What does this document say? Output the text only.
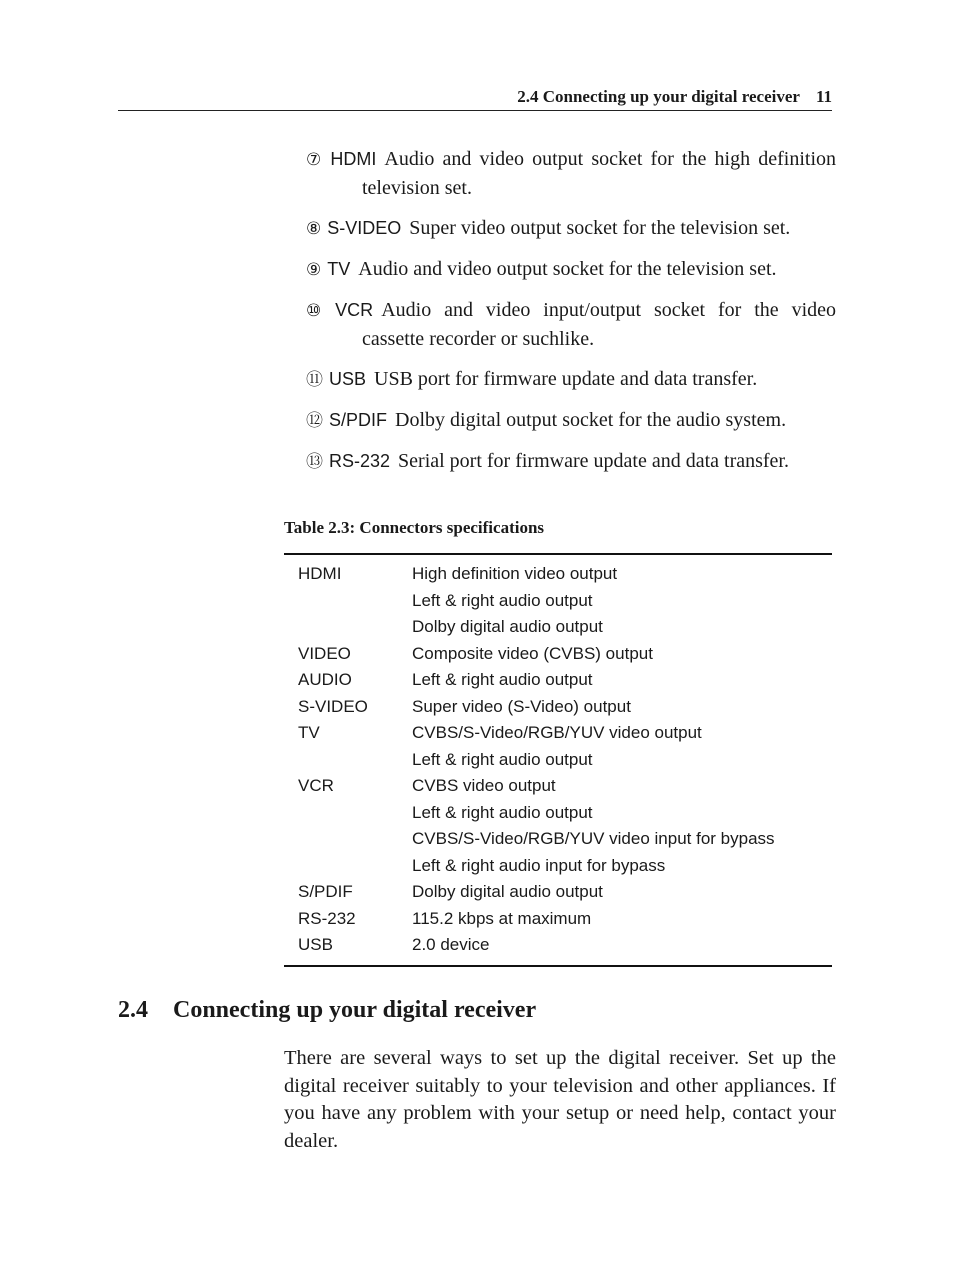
2.4 Connecting up your digital receiver 11
⑦ HDMI Audio and video output socket for the high definition television set.
⑧ S-VIDEO Super video output socket for the television set.
⑨ TV Audio and video output socket for the television set.
⑩ VCR Audio and video input/output socket for the video cassette recorder or suchlike.
⑪ USB USB port for firmware update and data transfer.
⑫ S/PDIF Dolby digital output socket for the audio system.
⑬ RS-232 Serial port for firmware update and data transfer.
Table 2.3: Connectors specifications
HDMI	High definition video output
Left & right audio output
Dolby digital audio output
VIDEO	Composite video (CVBS) output
AUDIO	Left & right audio output
S-VIDEO	Super video (S-Video) output
TV	CVBS/S-Video/RGB/YUV video output
Left & right audio output
VCR	CVBS video output
Left & right audio output
CVBS/S-Video/RGB/YUV video input for bypass
Left & right audio input for bypass
S/PDIF	Dolby digital audio output
RS-232	115.2 kbps at maximum
USB	2.0 device
2.4 Connecting up your digital receiver

There are several ways to set up the digital receiver. Set up the digital receiver suitably to your television and other appliances. If you have any problem with your setup or need help, contact your dealer.
